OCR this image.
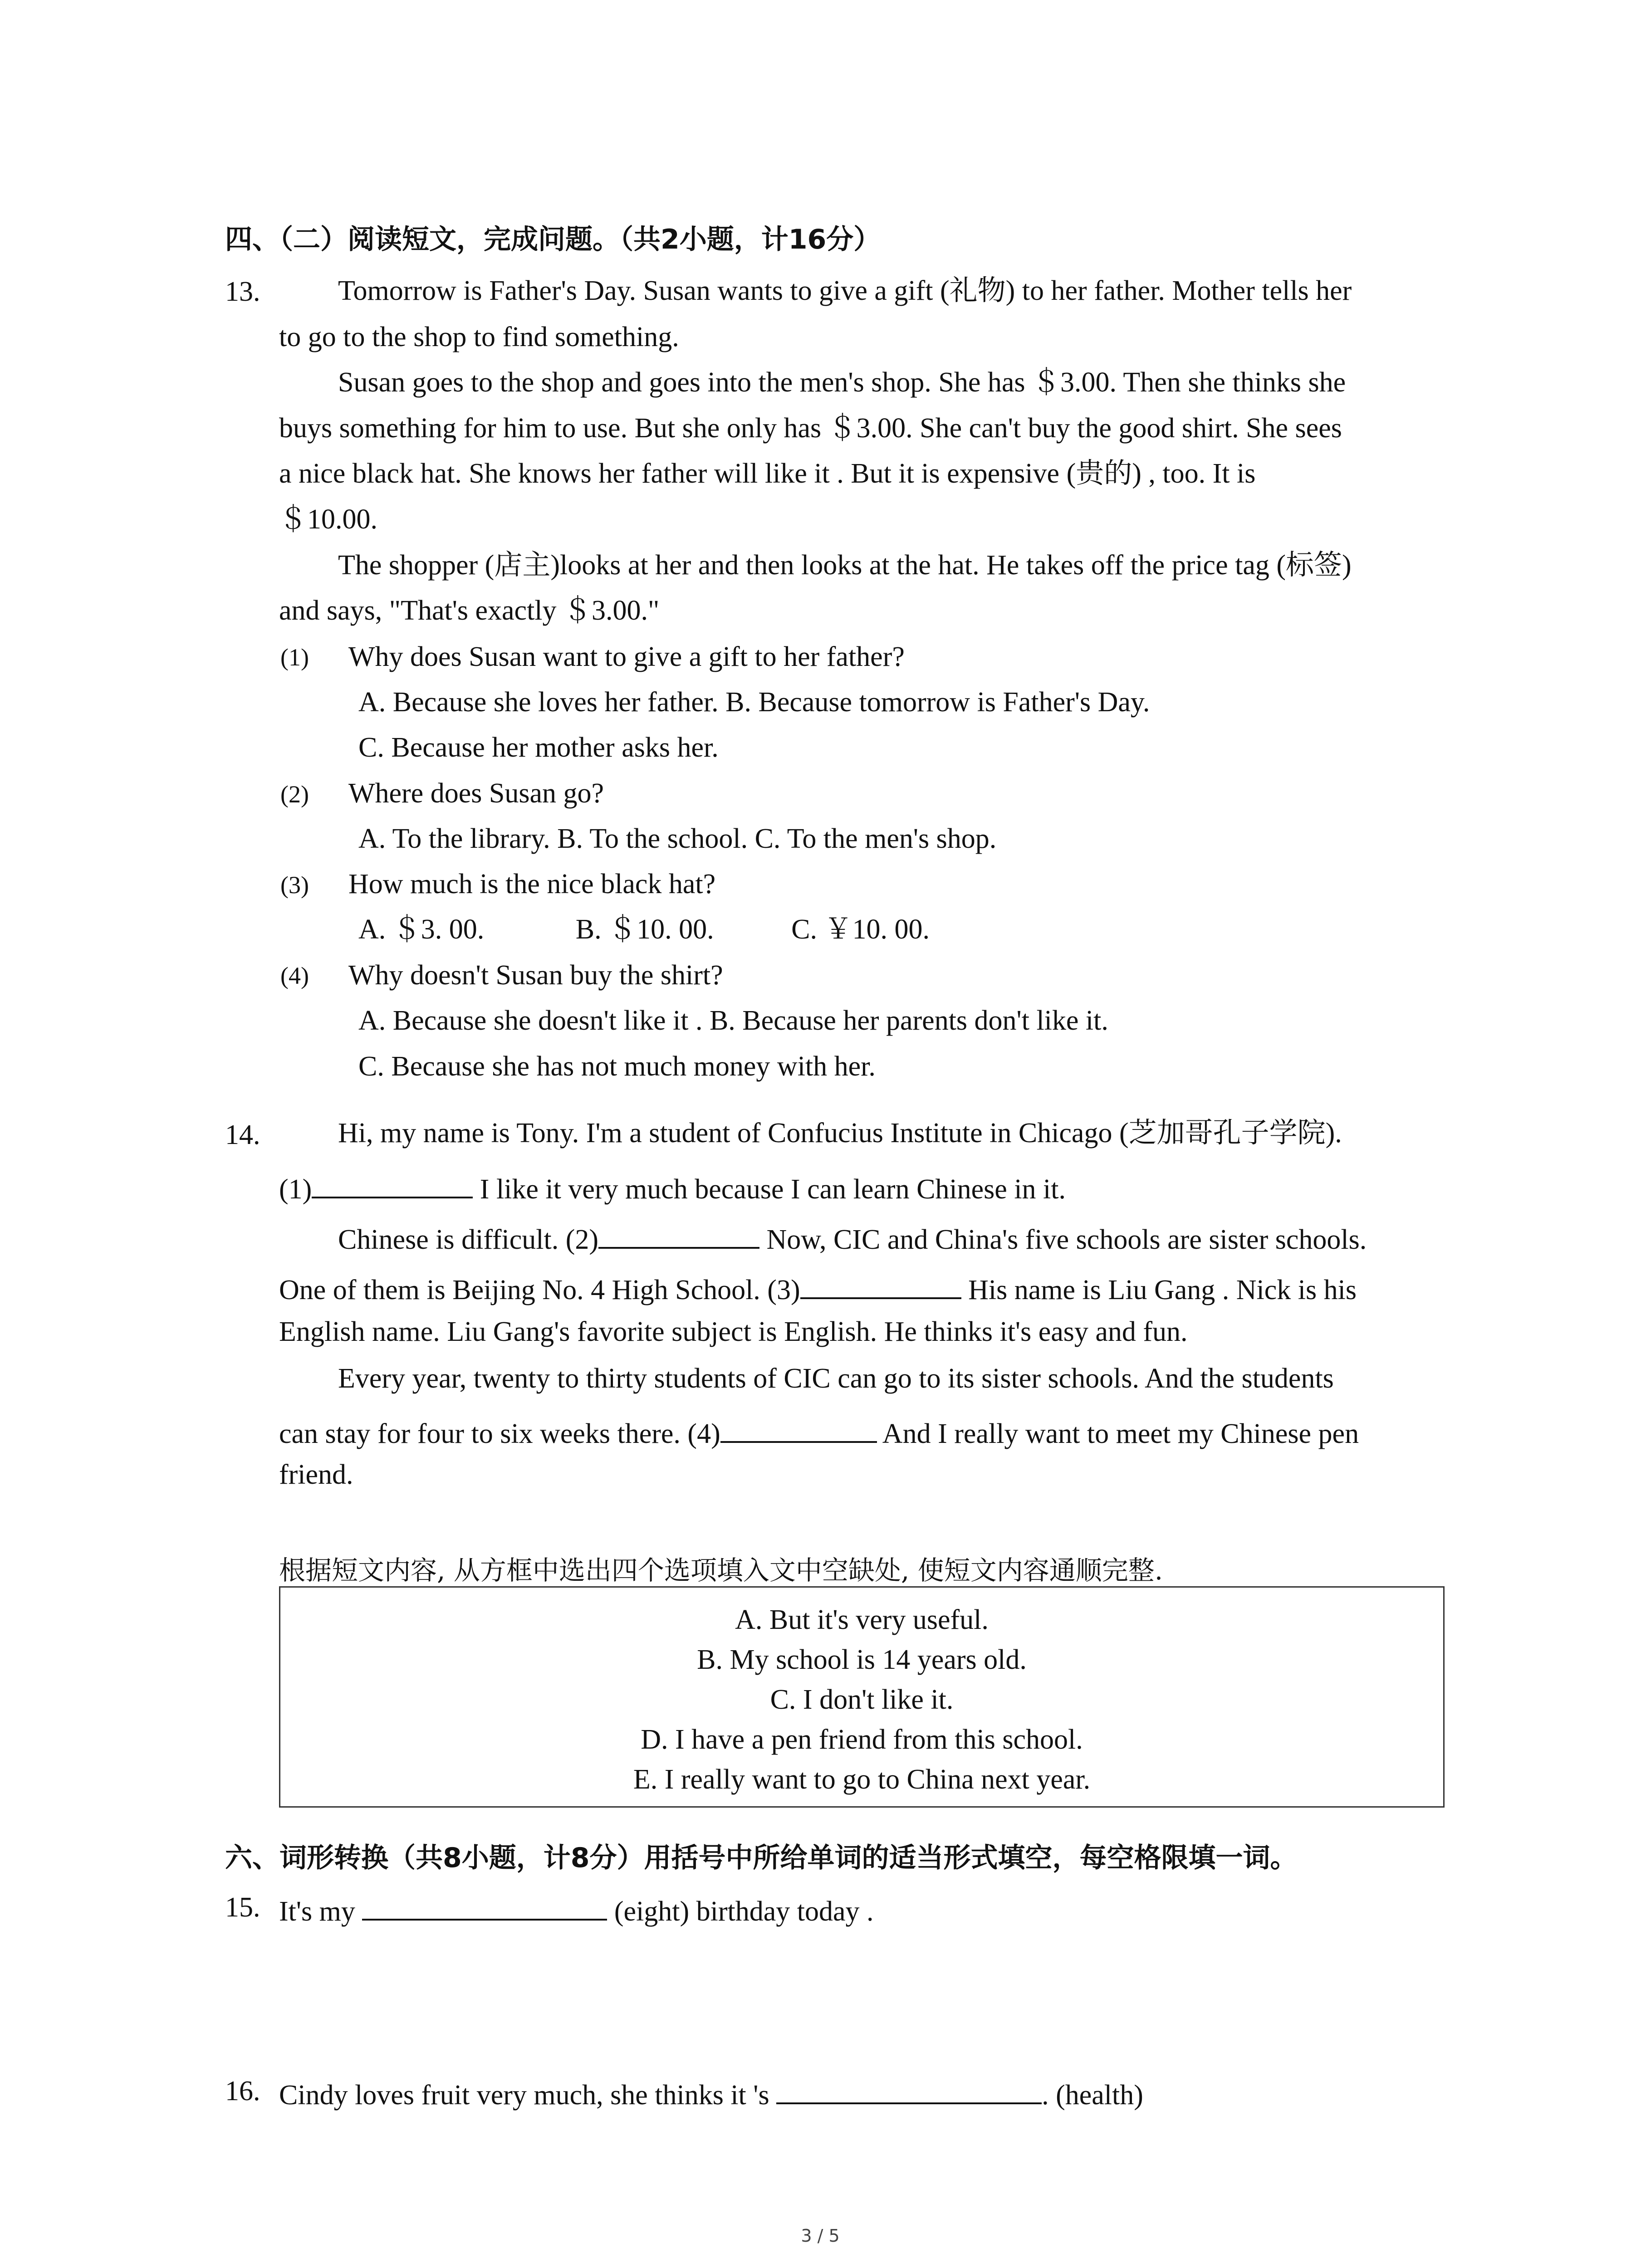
四、（二）阅读短文，完成问题。（共2小题，计16分）
13.	Tomorrow is Father's Day. Susan wants to give a gift (礼物) to her father. Mother tells her
to go to the shop to find something.
Susan goes to the shop and goes into the men's shop. She has ＄3.00. Then she thinks she
buys something for him to use. But she only has ＄3.00. She can't buy the good shirt. She sees
a nice black hat. She knows her father will like it . But it is expensive (贵的) , too. It is
＄10.00.
The shopper (店主)looks at her and then looks at the hat. He takes off the price tag (标签)
and says, "That's exactly ＄3.00."
(1) Why does Susan want to give a gift to her father?
A. Because she loves her father. B. Because tomorrow is Father's Day.
C. Because her mother asks her.
(2) Where does Susan go?
A. To the library. B. To the school. C. To the men's shop.
(3) How much is the nice black hat?
A. ＄3. 00.             B. ＄10. 00.           C. ￥10. 00.
(4) Why doesn't Susan buy the shirt?
A. Because she doesn't like it . B. Because her parents don't like it.
C. Because she has not much money with her.
14.	Hi, my name is Tony. I'm a student of Confucius Institute in Chicago (芝加哥孔子学院).
(1)	I like it very much because I can learn Chinese in it.
Chinese is difficult. (2)	Now, CIC and China's five schools are sister schools.
One of them is Beijing No. 4 High School. (3)	His name is Liu Gang . Nick is his
English name. Liu Gang's favorite subject is English. He thinks it's easy and fun.
Every year, twenty to thirty students of CIC can go to its sister schools. And the students
can stay for four to six weeks there. (4)	And I really want to meet my Chinese pen
friend.
根据短文内容, 从方框中选出四个选项填入文中空缺处, 使短文内容通顺完整.
A. But it's very useful.
B. My school is 14 years old.
C. I don't like it.
D. I have a pen friend from this school.
E. I really want to go to China next year.
六、词形转换（共8小题，计8分）用括号中所给单词的适当形式填空，每空格限填一词。
15. It's my	(eight) birthday today .
16. Cindy loves fruit very much, she thinks it 's	. (health)
3 / 5
